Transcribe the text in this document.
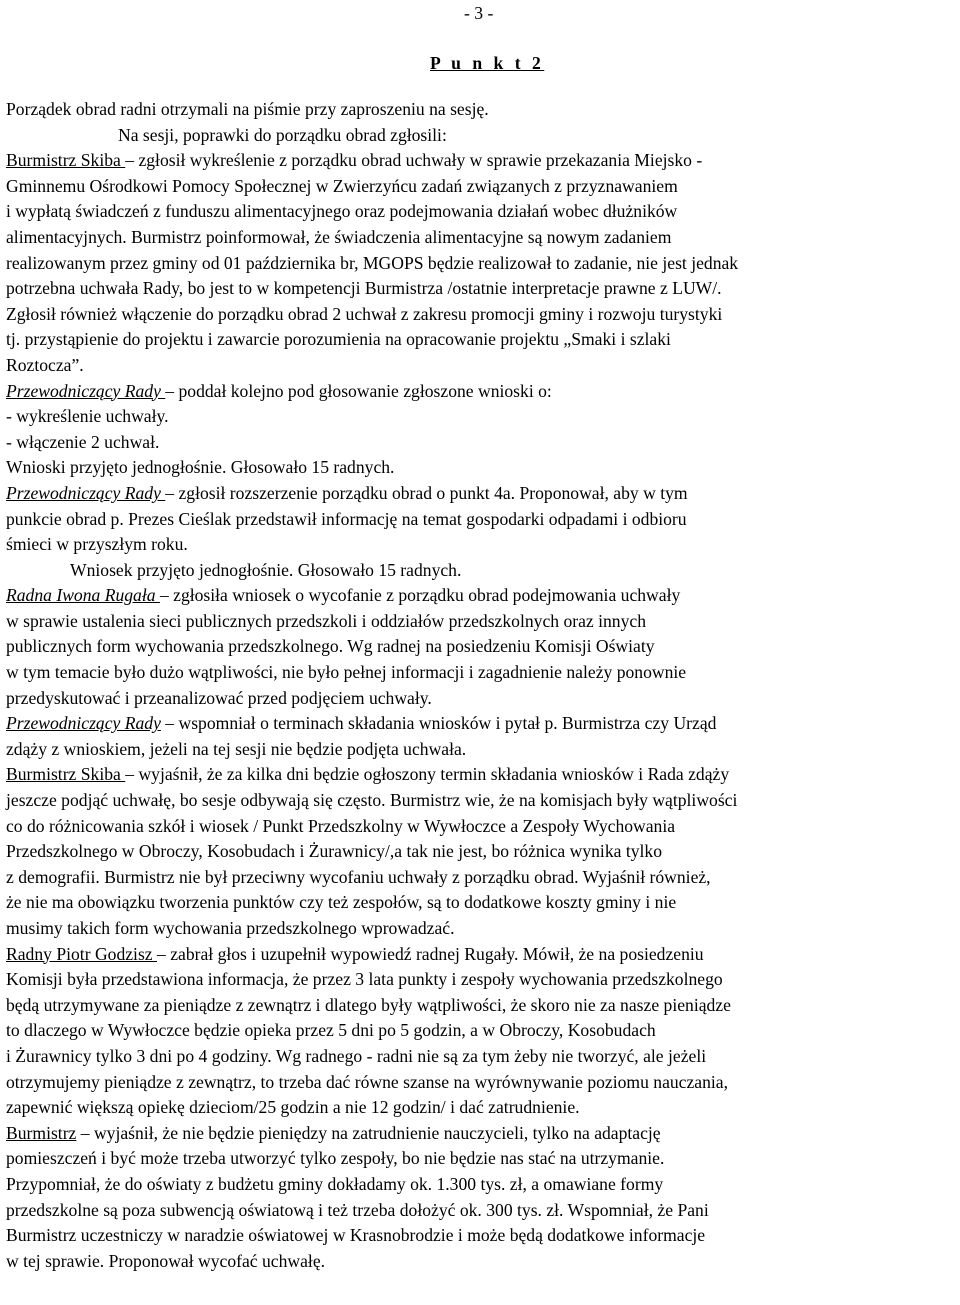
- 3 -
P u n k t 2
Porządek obrad radni otrzymali na piśmie przy zaproszeniu na sesję.
Na sesji, poprawki do porządku obrad zgłosili:
Burmistrz Skiba – zgłosił wykreślenie z porządku obrad uchwały w sprawie przekazania Miejsko -
Gminnemu Ośrodkowi Pomocy Społecznej w Zwierzyńcu zadań związanych z przyznawaniem
i wypłatą świadczeń z funduszu alimentacyjnego oraz podejmowania działań wobec dłużników
alimentacyjnych. Burmistrz poinformował, że świadczenia alimentacyjne są nowym zadaniem
realizowanym przez gminy od 01 października br, MGOPS będzie realizował to zadanie, nie jest jednak
potrzebna uchwała Rady, bo jest to w kompetencji Burmistrza /ostatnie interpretacje prawne z LUW/.
Zgłosił również włączenie do porządku obrad 2 uchwał z zakresu promocji gminy i rozwoju turystyki
tj. przystąpienie do projektu i zawarcie porozumienia na opracowanie projektu „Smaki i szlaki
Roztocza”.
Przewodniczący Rady – poddał kolejno pod głosowanie zgłoszone wnioski o:
- wykreślenie uchwały.
- włączenie 2 uchwał.
Wnioski przyjęto jednogłośnie. Głosowało 15 radnych.
Przewodniczący Rady – zgłosił rozszerzenie porządku obrad o punkt 4a. Proponował, aby w tym
punkcie obrad p. Prezes Cieślak przedstawił informację na temat gospodarki odpadami i odbioru
śmieci w przyszłym roku.
Wniosek przyjęto jednogłośnie. Głosowało 15 radnych.
Radna Iwona Rugała – zgłosiła wniosek o wycofanie z porządku obrad podejmowania uchwały
w sprawie ustalenia sieci publicznych przedszkoli i oddziałów przedszkolnych oraz innych
publicznych form wychowania przedszkolnego. Wg radnej na posiedzeniu Komisji Oświaty
w tym temacie było dużo wątpliwości, nie było pełnej informacji i zagadnienie należy ponownie
przedyskutować i przeanalizować przed podjęciem uchwały.
Przewodniczący Rady – wspomniał o terminach składania wniosków i pytał p. Burmistrza czy Urząd
zdąży z wnioskiem, jeżeli na tej sesji nie będzie podjęta uchwała.
Burmistrz Skiba – wyjaśnił, że za kilka dni będzie ogłoszony termin składania wniosków i Rada zdąży
jeszcze podjąć uchwałę, bo sesje odbywają się często. Burmistrz wie, że na komisjach były wątpliwości
co do różnicowania szkół i wiosek / Punkt Przedszkolny w Wywłoczce a Zespoły Wychowania
Przedszkolnego w Obroczy, Kosobudach i Żurawnicy/,a tak nie jest, bo różnica wynika tylko
z demografii. Burmistrz nie był przeciwny wycofaniu uchwały z porządku obrad. Wyjaśnił również,
że nie ma obowiązku tworzenia punktów czy też zespołów, są to dodatkowe koszty gminy i nie
musimy takich form wychowania przedszkolnego wprowadzać.
Radny Piotr Godzisz – zabrał głos i uzupełnił wypowiedź radnej Rugały. Mówił, że na posiedzeniu
Komisji była przedstawiona informacja, że przez 3 lata punkty i zespoły wychowania przedszkolnego
będą utrzymywane za pieniądze z zewnątrz i dlatego były wątpliwości, że skoro nie za nasze pieniądze
to dlaczego w Wywłoczce będzie opieka przez 5 dni po 5 godzin, a w Obroczy, Kosobudach
i Żurawnicy tylko 3 dni po 4 godziny. Wg radnego - radni nie są za tym żeby nie tworzyć, ale jeżeli
otrzymujemy pieniądze z zewnątrz, to trzeba dać równe szanse na wyrównywanie poziomu nauczania,
zapewnić większą opiekę dzieciom/25 godzin a nie 12 godzin/ i dać zatrudnienie.
Burmistrz – wyjaśnił, że nie będzie pieniędzy na zatrudnienie nauczycieli, tylko na adaptację
pomieszczeń i być może trzeba utworzyć tylko zespoły, bo nie będzie nas stać na utrzymanie.
Przypomniał, że do oświaty z budżetu gminy dokładamy ok. 1.300 tys. zł, a omawiane formy
przedszkolne są poza subwencją oświatową i też trzeba dołożyć ok. 300 tys. zł. Wspomniał, że Pani
Burmistrz uczestniczy w naradzie oświatowej w Krasnobrodzie i może będą dodatkowe informacje
w tej sprawie. Proponował wycofać uchwałę.
